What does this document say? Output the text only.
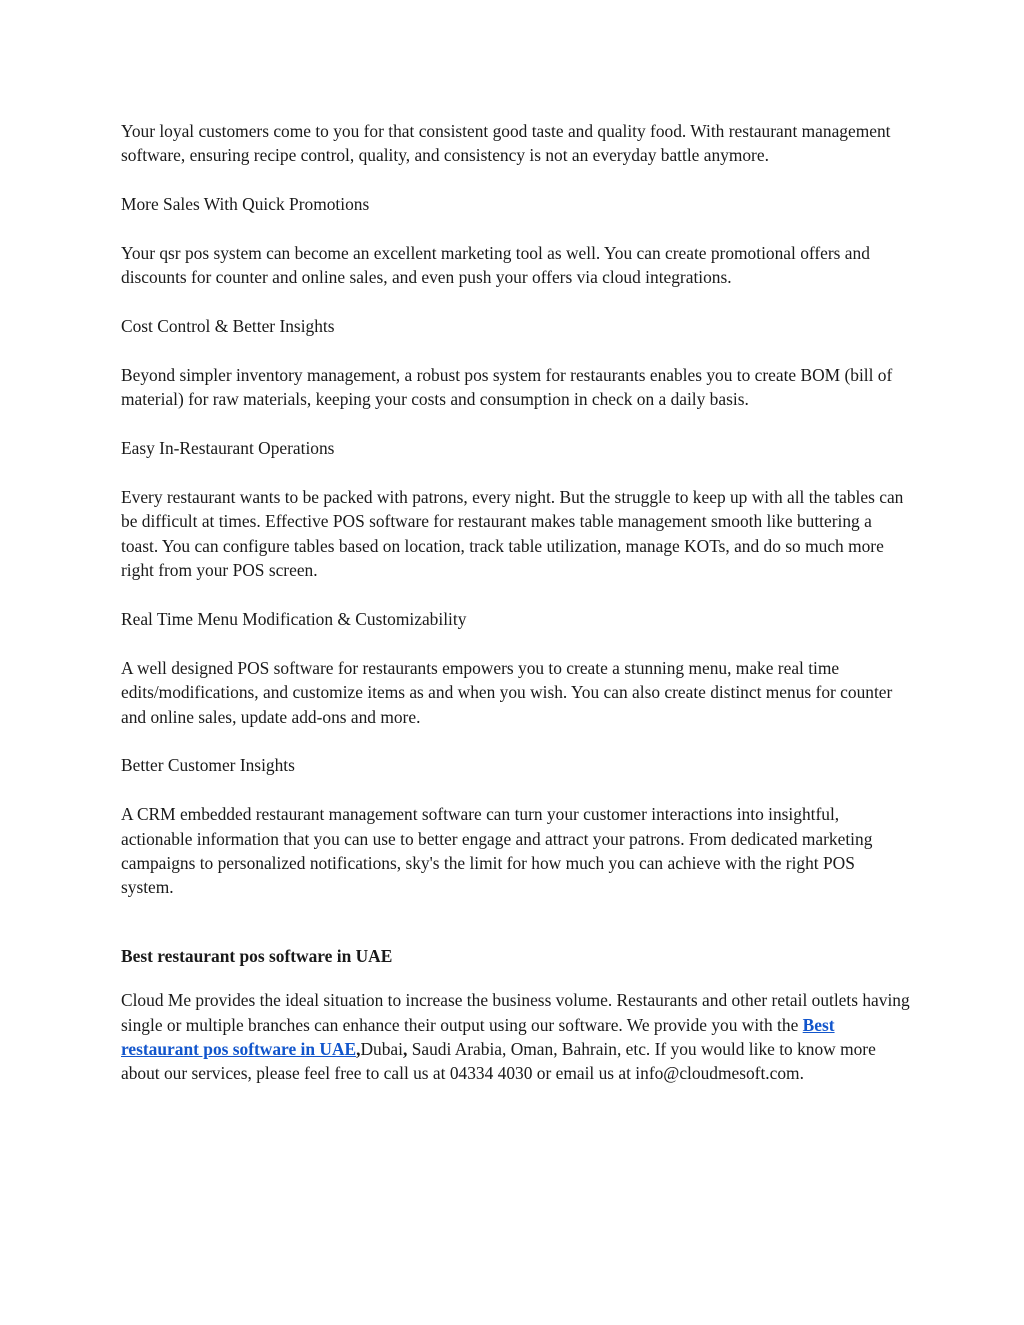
Your loyal customers come to you for that consistent good taste and quality food. With restaurant management software, ensuring recipe control, quality, and consistency is not an everyday battle anymore.

More Sales With Quick Promotions

Your qsr pos system can become an excellent marketing tool as well. You can create promotional offers and discounts for counter and online sales, and even push your offers via cloud integrations.

Cost Control & Better Insights

Beyond simpler inventory management, a robust pos system for restaurants enables you to create BOM (bill of material) for raw materials, keeping your costs and consumption in check on a daily basis.

Easy In-Restaurant Operations

Every restaurant wants to be packed with patrons, every night. But the struggle to keep up with all the tables can be difficult at times. Effective POS software for restaurant makes table management smooth like buttering a toast. You can configure tables based on location, track table utilization, manage KOTs, and do so much more right from your POS screen.

Real Time Menu Modification & Customizability

A well designed POS software for restaurants empowers you to create a stunning menu, make real time edits/modifications, and customize items as and when you wish. You can also create distinct menus for counter and online sales, update add-ons and more.

Better Customer Insights

A CRM embedded restaurant management software can turn your customer interactions into insightful, actionable information that you can use to better engage and attract your patrons. From dedicated marketing campaigns to personalized notifications, sky's the limit for how much you can achieve with the right POS system.

Best restaurant pos software in UAE

Cloud Me provides the ideal situation to increase the business volume. Restaurants and other retail outlets having single or multiple branches can enhance their output using our software. We provide you with the Best restaurant pos software in UAE,Dubai, Saudi Arabia, Oman, Bahrain, etc. If you would like to know more about our services, please feel free to call us at 04334 4030 or email us at info@cloudmesoft.com.
